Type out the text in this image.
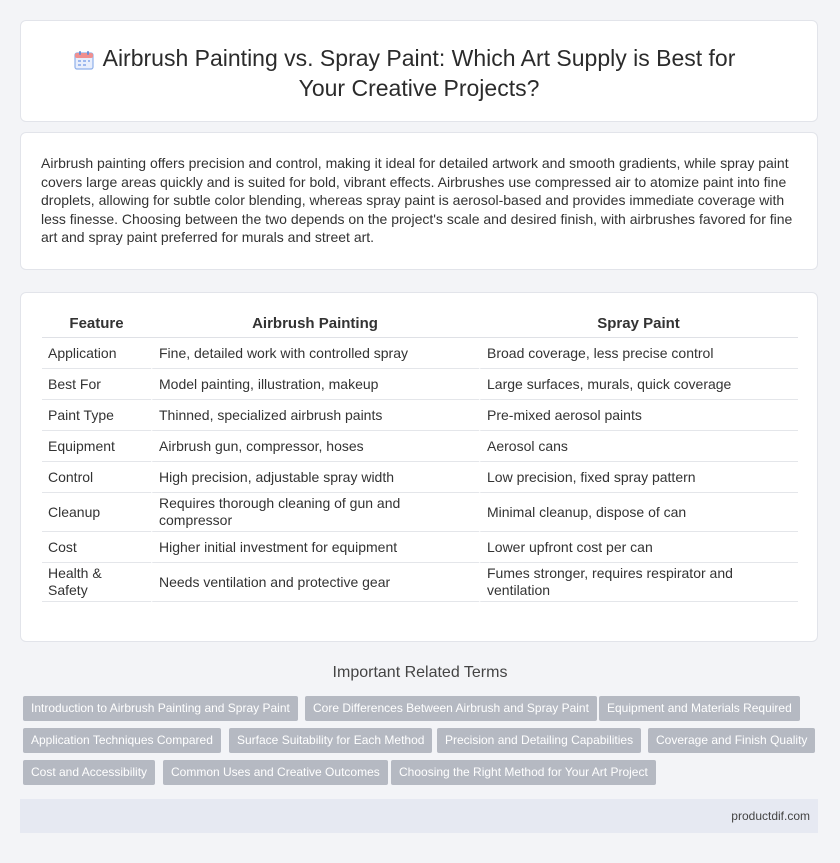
Airbrush Painting vs. Spray Paint: Which Art Supply is Best for
Your Creative Projects?
Airbrush painting offers precision and control, making it ideal for detailed artwork and smooth gradients, while spray paint covers large areas quickly and is suited for bold, vibrant effects. Airbrushes use compressed air to atomize paint into fine droplets, allowing for subtle color blending, whereas spray paint is aerosol-based and provides immediate coverage with less finesse. Choosing between the two depends on the project's scale and desired finish, with airbrushes favored for fine art and spray paint preferred for murals and street art.
Feature	Airbrush Painting	Spray Paint
Application	Fine, detailed work with controlled spray	Broad coverage, less precise control
Best For	Model painting, illustration, makeup	Large surfaces, murals, quick coverage
Paint Type	Thinned, specialized airbrush paints	Pre-mixed aerosol paints
Equipment	Airbrush gun, compressor, hoses	Aerosol cans
Control	High precision, adjustable spray width	Low precision, fixed spray pattern
Cleanup	Requires thorough cleaning of gun and compressor	Minimal cleanup, dispose of can
Cost	Higher initial investment for equipment	Lower upfront cost per can
Health & Safety	Needs ventilation and protective gear	Fumes stronger, requires respirator and ventilation
Important Related Terms
Introduction to Airbrush Painting and Spray Paint	Core Differences Between Airbrush and Spray Paint	Equipment and Materials Required
Application Techniques Compared	Surface Suitability for Each Method	Precision and Detailing Capabilities	Coverage and Finish Quality
Cost and Accessibility	Common Uses and Creative Outcomes	Choosing the Right Method for Your Art Project
productdif.com
